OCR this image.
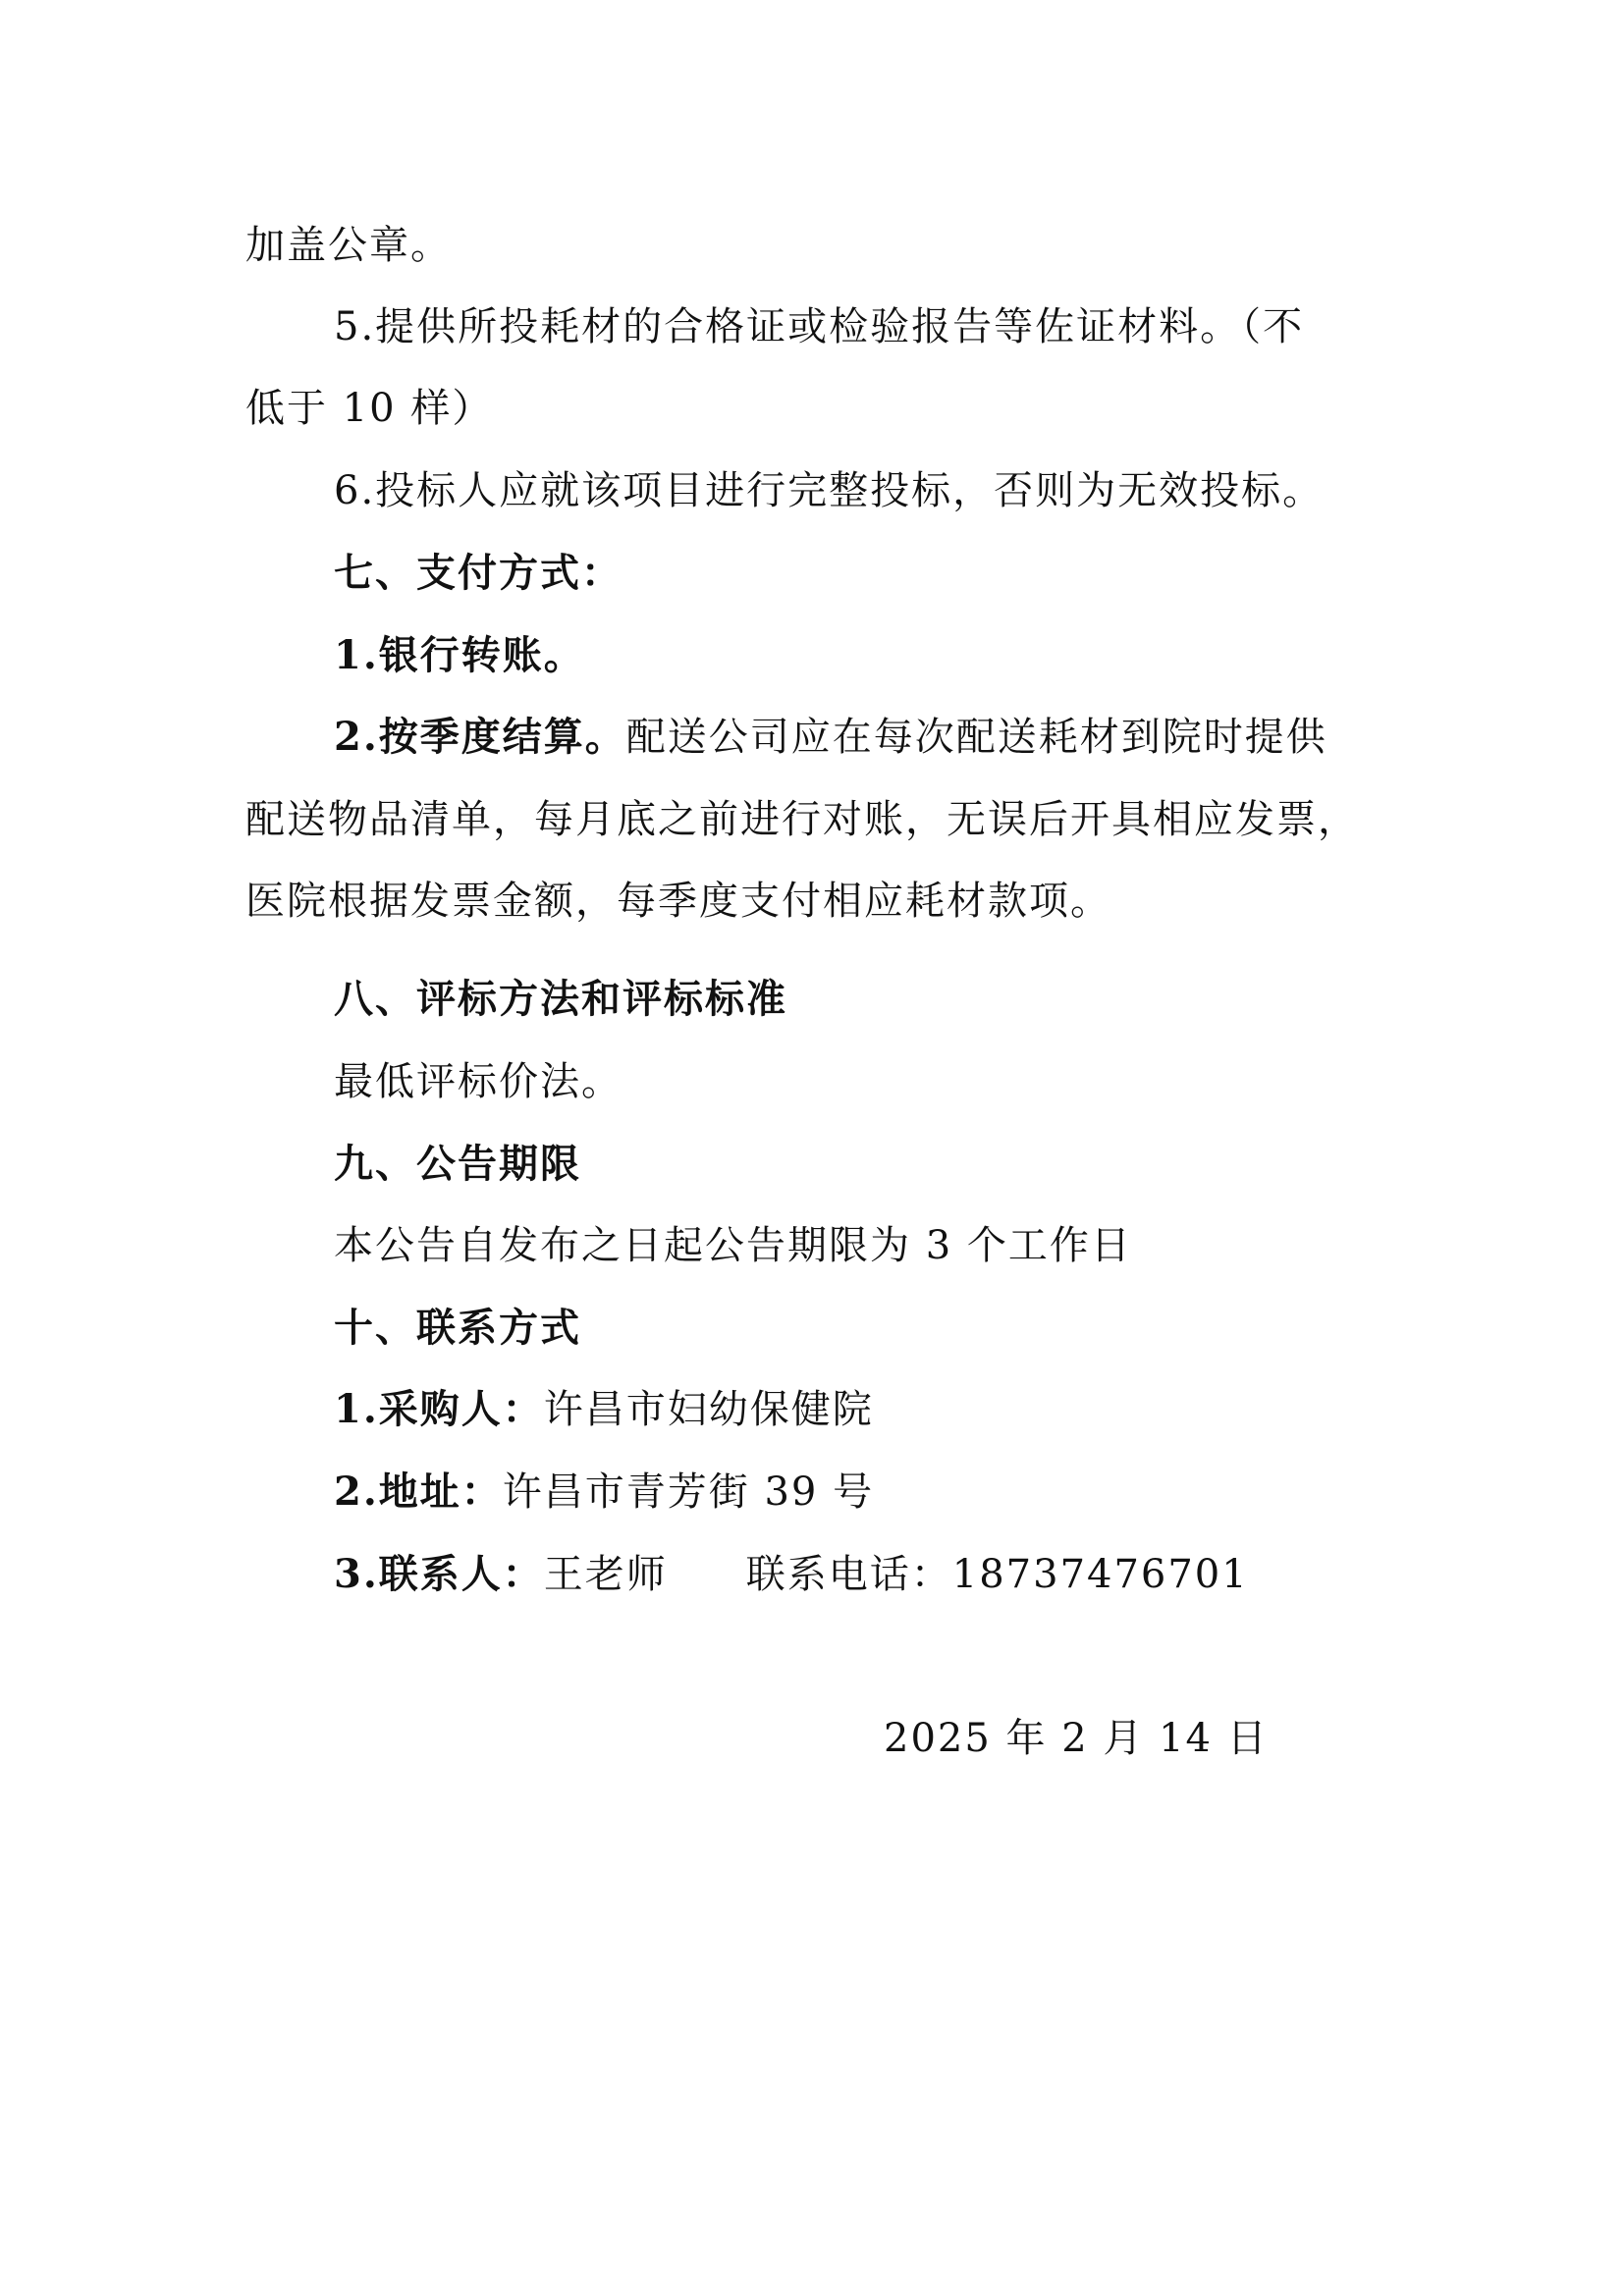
加盖公章。
5.提供所投耗材的合格证或检验报告等佐证材料。（不
低于 10 样）
6.投标人应就该项目进行完整投标，否则为无效投标。
七、支付方式：
1.银行转账。
2.按季度结算。配送公司应在每次配送耗材到院时提供
配送物品清单，每月底之前进行对账，无误后开具相应发票，
医院根据发票金额，每季度支付相应耗材款项。
八、评标方法和评标标准
最低评标价法。
九、公告期限
本公告自发布之日起公告期限为 3 个工作日
十、联系方式
1.采购人：许昌市妇幼保健院
2.地址：许昌市青芳街 39 号
3.联系人：王老师 联系电话：18737476701
2025 年 2 月 14 日
